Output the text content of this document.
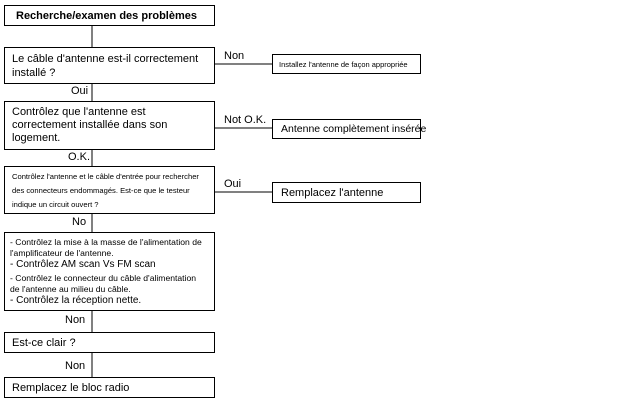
Recherche/examen des problèmes
Le câble d'antenne est-il correctement
installé ?
Non
Installez l'antenne de façon appropriée
Oui
Contrôlez que l'antenne est
correctement installée dans son
logement.
Not O.K.
Antenne complètement insérée
O.K.
Contrôlez l'antenne et le câble d'entrée pour rechercher
des connecteurs endommagés. Est-ce que le testeur
indique un circuit ouvert ?
Oui
Remplacez l'antenne
No
- Contrôlez la mise à la masse de l'alimentation de
l'amplificateur de l'antenne.
- Contrôlez AM scan Vs FM scan
- Contrôlez le connecteur du câble d'alimentation
de l'antenne au milieu du câble.
- Contrôlez la réception nette.
Non
Est-ce clair ?
Non
Remplacez le bloc radio
